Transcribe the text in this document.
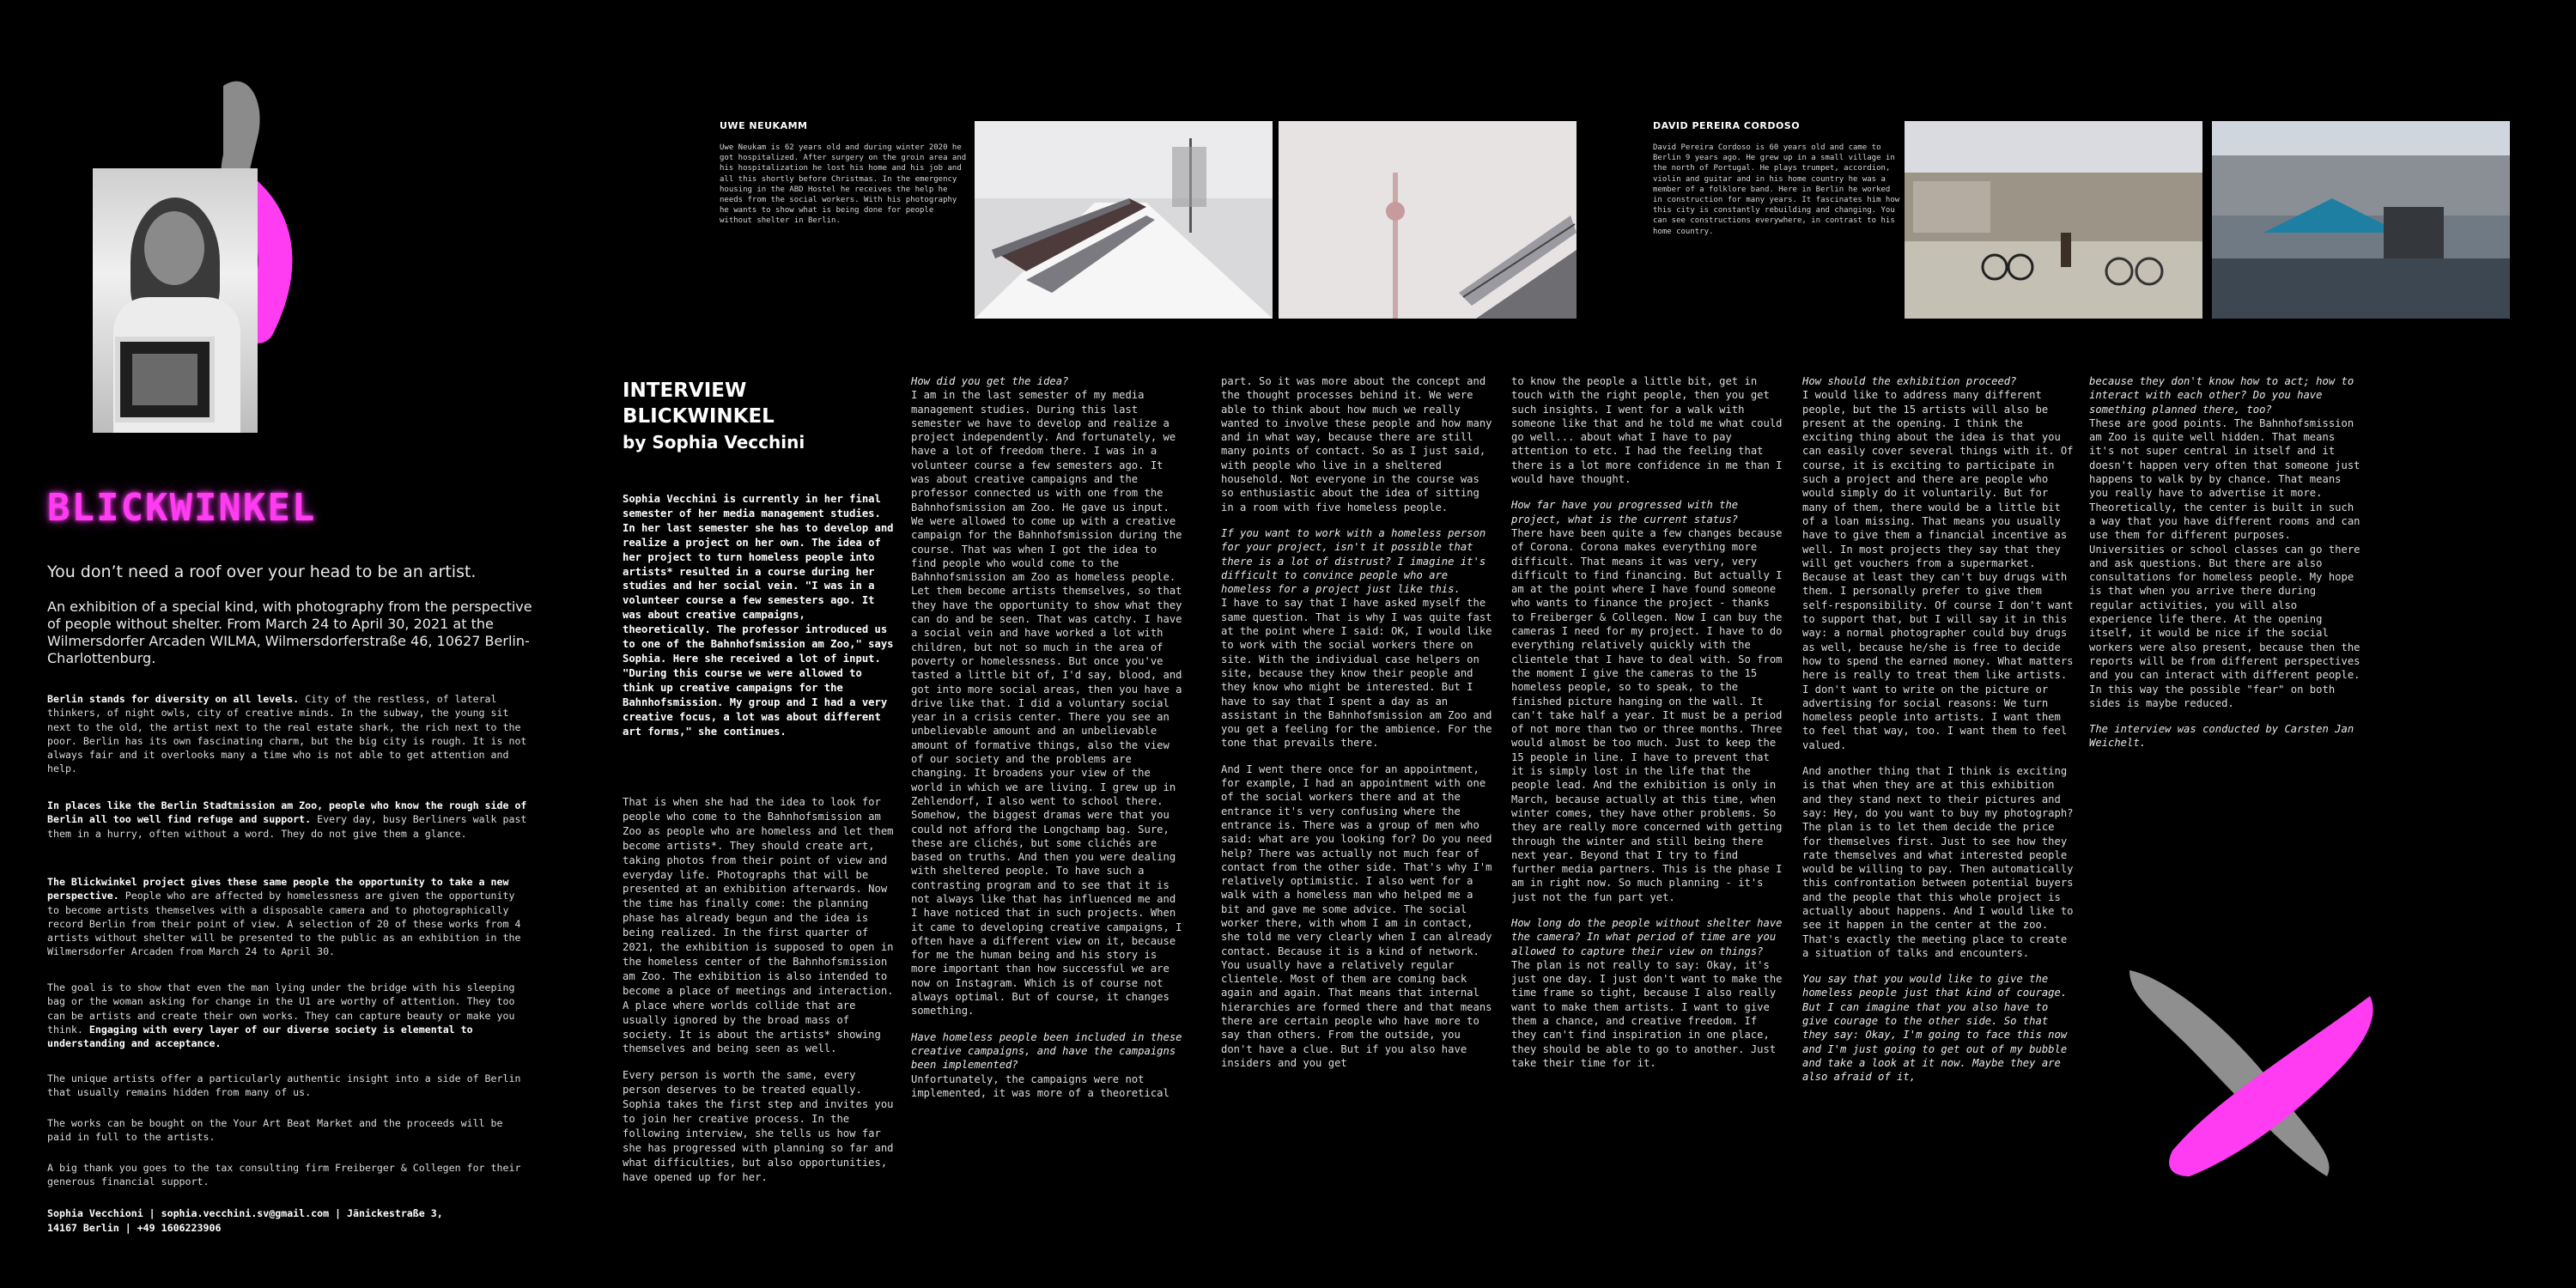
BLICKWINKEL

You don’t need a roof over your head to be an artist.

An exhibition of a special kind, with photography from the perspective of people without shelter. From March 24 to April 30, 2021 at the Wilmersdorfer Arcaden WILMA, Wilmersdorferstraße 46, 10627 Berlin- Charlottenburg.

Berlin stands for diversity on all levels. City of the restless, of lateral thinkers, of night owls, city of creative minds. In the subway, the young sit next to the old, the artist next to the real estate shark, the rich next to the poor. Berlin has its own fascinating charm, but the big city is rough. It is not always fair and it overlooks many a time who is not able to get attention and help.

In places like the Berlin Stadtmission am Zoo, people who know the rough side of Berlin all too well find refuge and support. Every day, busy Berliners walk past them in a hurry, often without a word. They do not give them a glance.

The Blickwinkel project gives these same people the opportunity to take a new perspective. People who are affected by homelessness are given the opportunity to become artists themselves with a disposable camera and to photographically record Berlin from their point of view. A selection of 20 of these works from 4 artists without shelter will be presented to the public as an exhibition in the Wilmersdorfer Arcaden from March 24 to April 30.

The goal is to show that even the man lying under the bridge with his sleeping bag or the woman asking for change in the U1 are worthy of attention. They too can be artists and create their own works. They can capture beauty or make you think. Engaging with every layer of our diverse society is elemental to understanding and acceptance.

The unique artists offer a particularly authentic insight into a side of Berlin that usually remains hidden from many of us.

The works can be bought on the Your Art Beat Market and the proceeds will be paid in full to the artists.

A big thank you goes to the tax consulting firm Freiberger & Collegen for their generous financial support.

Sophia Vecchioni | sophia.vecchini.sv@gmail.com | Jänickestraße 3,

14167 Berlin | +49 1606223906

UWE NEUKAMM

Uwe Neukam is 62 years old and during winter 2020 he got hospitalized. After surgery on the groin area and his hospitalization he lost his home and his job and all this shortly before Christmas. In the emergency housing in the ABD Hostel he receives the help he needs from the social workers. With his photography he wants to show what is being done for people without shelter in Berlin.

DAVID PEREIRA CORDOSO

David Pereira Cordoso is 60 years old and came to Berlin 9 years ago. He grew up in a small village in the north of Portugal. He plays trumpet, accordion, violin and guitar and in his home country he was a member of a folklore band. Here in Berlin he worked in construction for many years. It fascinates him how this city is constantly rebuilding and changing. You can see constructions everywhere, in contrast to his home country.

INTERVIEW
BLICKWINKEL
by Sophia Vecchini

Sophia Vecchini is currently in her final semester of her media management studies. In her last semester she has to develop and realize a project on her own. The idea of her project to turn homeless people into artists* resulted in a course during her studies and her social vein. "I was in a volunteer course a few semesters ago. It was about creative campaigns, theoretically. The professor introduced us to one of the Bahnhofsmission am Zoo," says Sophia. Here she received a lot of input. "During this course we were allowed to think up creative campaigns for the Bahnhofsmission. My group and I had a very creative focus, a lot was about different art forms," she continues.

That is when she had the idea to look for people who come to the Bahnhofsmission am Zoo as people who are homeless and let them become artists*. They should create art, taking photos from their point of view and everyday life. Photographs that will be presented at an exhibition afterwards. Now the time has finally come: the planning phase has already begun and the idea is being realized. In the first quarter of 2021, the exhibition is supposed to open in the homeless center of the Bahnhofsmission am Zoo. The exhibition is also intended to become a place of meetings and interaction. A place where worlds collide that are usually ignored by the broad mass of society. It is about the artists* showing themselves and being seen as well.

Every person is worth the same, every person deserves to be treated equally. Sophia takes the first step and invites you to join her creative process. In the following interview, she tells us how far she has progressed with planning so far and what difficulties, but also opportunities, have opened up for her.

How did you get the idea?

I am in the last semester of my media management studies. During this last semester we have to develop and realize a project independently. And fortunately, we have a lot of freedom there. I was in a volunteer course a few semesters ago. It was about creative campaigns and the professor connected us with one from the Bahnhofsmission am Zoo. He gave us input. We were allowed to come up with a creative campaign for the Bahnhofsmission during the course. That was when I got the idea to find people who would come to the Bahnhofsmission am Zoo as homeless people. Let them become artists themselves, so that they have the opportunity to show what they can do and be seen. That was catchy. I have a social vein and have worked a lot with children, but not so much in the area of poverty or homelessness. But once you've tasted a little bit of, I'd say, blood, and got into more social areas, then you have a drive like that. I did a voluntary social year in a crisis center. There you see an unbelievable amount and an unbelievable amount of formative things, also the view of our society and the problems are changing. It broadens your view of the world in which we are living. I grew up in Zehlendorf, I also went to school there. Somehow, the biggest dramas were that you could not afford the Longchamp bag. Sure, these are clichés, but some clichés are based on truths. And then you were dealing with sheltered people. To have such a contrasting program and to see that it is not always like that has influenced me and I have noticed that in such projects. When it came to developing creative campaigns, I often have a different view on it, because for me the human being and his story is more important than how successful we are now on Instagram. Which is of course not always optimal. But of course, it changes something.

Have homeless people been included in these creative campaigns, and have the campaigns been implemented?

Unfortunately, the campaigns were not implemented, it was more of a theoretical

part. So it was more about the concept and the thought processes behind it. We were able to think about how much we really wanted to involve these people and how many and in what way, because there are still many points of contact. So as I just said, with people who live in a sheltered household. Not everyone in the course was so enthusiastic about the idea of sitting in a room with five homeless people.

If you want to work with a homeless person for your project, isn't it possible that there is a lot of distrust? I imagine it's difficult to convince people who are homeless for a project just like this.

I have to say that I have asked myself the same question. That is why I was quite fast at the point where I said: OK, I would like to work with the social workers there on site. With the individual case helpers on site, because they know their people and they know who might be interested. But I have to say that I spent a day as an assistant in the Bahnhofsmission am Zoo and you get a feeling for the ambience. For the tone that prevails there.

And I went there once for an appointment, for example, I had an appointment with one of the social workers there and at the entrance it's very confusing where the entrance is. There was a group of men who said: what are you looking for? Do you need help? There was actually not much fear of contact from the other side. That's why I'm relatively optimistic. I also went for a walk with a homeless man who helped me a bit and gave me some advice. The social worker there, with whom I am in contact, she told me very clearly when I can already contact. Because it is a kind of network. You usually have a relatively regular clientele. Most of them are coming back again and again. That means that internal hierarchies are formed there and that means there are certain people who have more to say than others. From the outside, you don't have a clue. But if you also have insiders and you get

to know the people a little bit, get in touch with the right people, then you get such insights. I went for a walk with someone like that and he told me what could go well... about what I have to pay attention to etc. I had the feeling that there is a lot more confidence in me than I would have thought.

How far have you progressed with the project, what is the current status?

There have been quite a few changes because of Corona. Corona makes everything more difficult. That means it was very, very difficult to find financing. But actually I am at the point where I have found someone who wants to finance the project - thanks to Freiberger & Collegen. Now I can buy the cameras I need for my project. I have to do everything relatively quickly with the clientele that I have to deal with. So from the moment I give the cameras to the 15 homeless people, so to speak, to the finished picture hanging on the wall. It can't take half a year. It must be a period of not more than two or three months. Three would almost be too much. Just to keep the 15 people in line. I have to prevent that it is simply lost in the life that the people lead. And the exhibition is only in March, because actually at this time, when winter comes, they have other problems. So they are really more concerned with getting through the winter and still being there next year. Beyond that I try to find further media partners. This is the phase I am in right now. So much planning - it's just not the fun part yet.

How long do the people without shelter have the camera? In what period of time are you allowed to capture their view on things?

The plan is not really to say: Okay, it's just one day. I just don't want to make the time frame so tight, because I also really want to make them artists. I want to give them a chance, and creative freedom. If they can't find inspiration in one place, they should be able to go to another. Just take their time for it.

How should the exhibition proceed?

I would like to address many different people, but the 15 artists will also be present at the opening. I think the exciting thing about the idea is that you can easily cover several things with it. Of course, it is exciting to participate in such a project and there are people who would simply do it voluntarily. But for many of them, there would be a little bit of a loan missing. That means you usually have to give them a financial incentive as well. In most projects they say that they will get vouchers from a supermarket. Because at least they can't buy drugs with them. I personally prefer to give them self-responsibility. Of course I don't want to support that, but I will say it in this way: a normal photographer could buy drugs as well, because he/she is free to decide how to spend the earned money. What matters here is really to treat them like artists. I don't want to write on the picture or advertising for social reasons: We turn homeless people into artists. I want them to feel that way, too. I want them to feel valued.

And another thing that I think is exciting is that when they are at this exhibition and they stand next to their pictures and say: Hey, do you want to buy my photograph? The plan is to let them decide the price for themselves first. Just to see how they rate themselves and what interested people would be willing to pay. Then automatically this confrontation between potential buyers and the people that this whole project is actually about happens. And I would like to see it happen in the center at the zoo. That's exactly the meeting place to create a situation of talks and encounters.

You say that you would like to give the homeless people just that kind of courage. But I can imagine that you also have to give courage to the other side. So that they say: Okay, I'm going to face this now and I'm just going to get out of my bubble and take a look at it now. Maybe they are also afraid of it,

because they don't know how to act; how to interact with each other? Do you have something planned there, too?

These are good points. The Bahnhofsmission am Zoo is quite well hidden. That means it's not super central in itself and it doesn't happen very often that someone just happens to walk by by chance. That means you really have to advertise it more. Theoretically, the center is built in such a way that you have different rooms and can use them for different purposes. Universities or school classes can go there and ask questions. But there are also consultations for homeless people. My hope is that when you arrive there during regular activities, you will also experience life there. At the opening itself, it would be nice if the social workers were also present, because then the reports will be from different perspectives and you can interact with different people. In this way the possible "fear" on both sides is maybe reduced.

The interview was conducted by Carsten Jan Weichelt.
